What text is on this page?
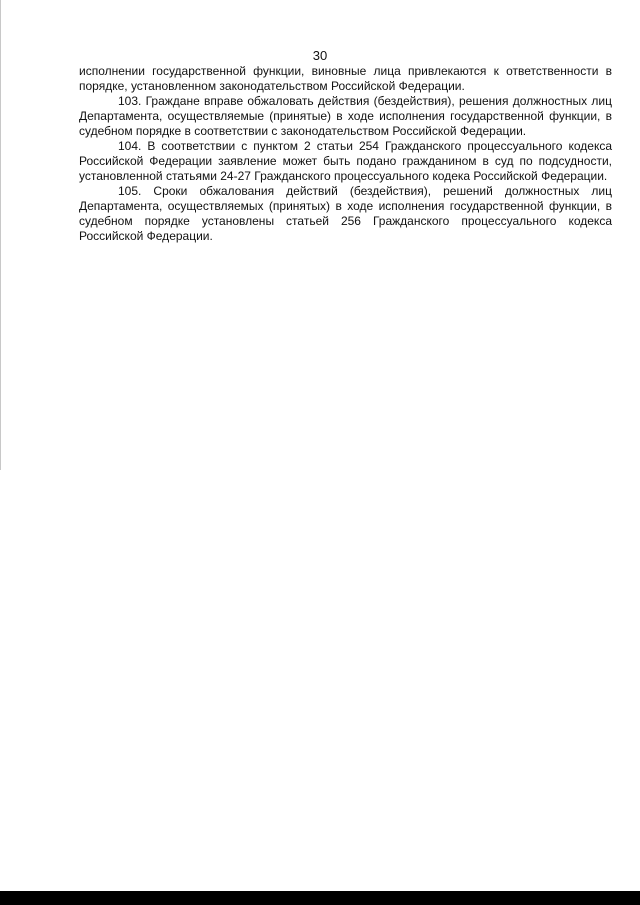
30

исполнении государственной функции, виновные лица привлекаются к ответственности в порядке, установленном законодательством Российской Федерации.

103. Граждане вправе обжаловать действия (бездействия), решения должностных лиц Департамента, осуществляемые (принятые) в ходе исполнения государственной функции, в судебном порядке в соответствии с законодательством Российской Федерации.

104. В соответствии с пунктом 2 статьи 254 Гражданского процессуального кодекса Российской Федерации заявление может быть подано гражданином в суд по подсудности, установленной статьями 24-27 Гражданского процессуального кодека Российской Федерации.

105. Сроки обжалования действий (бездействия), решений должностных лиц Департамента, осуществляемых (принятых) в ходе исполнения государственной функции, в судебном порядке установлены статьей 256 Гражданского процессуального кодекса Российской Федерации.
